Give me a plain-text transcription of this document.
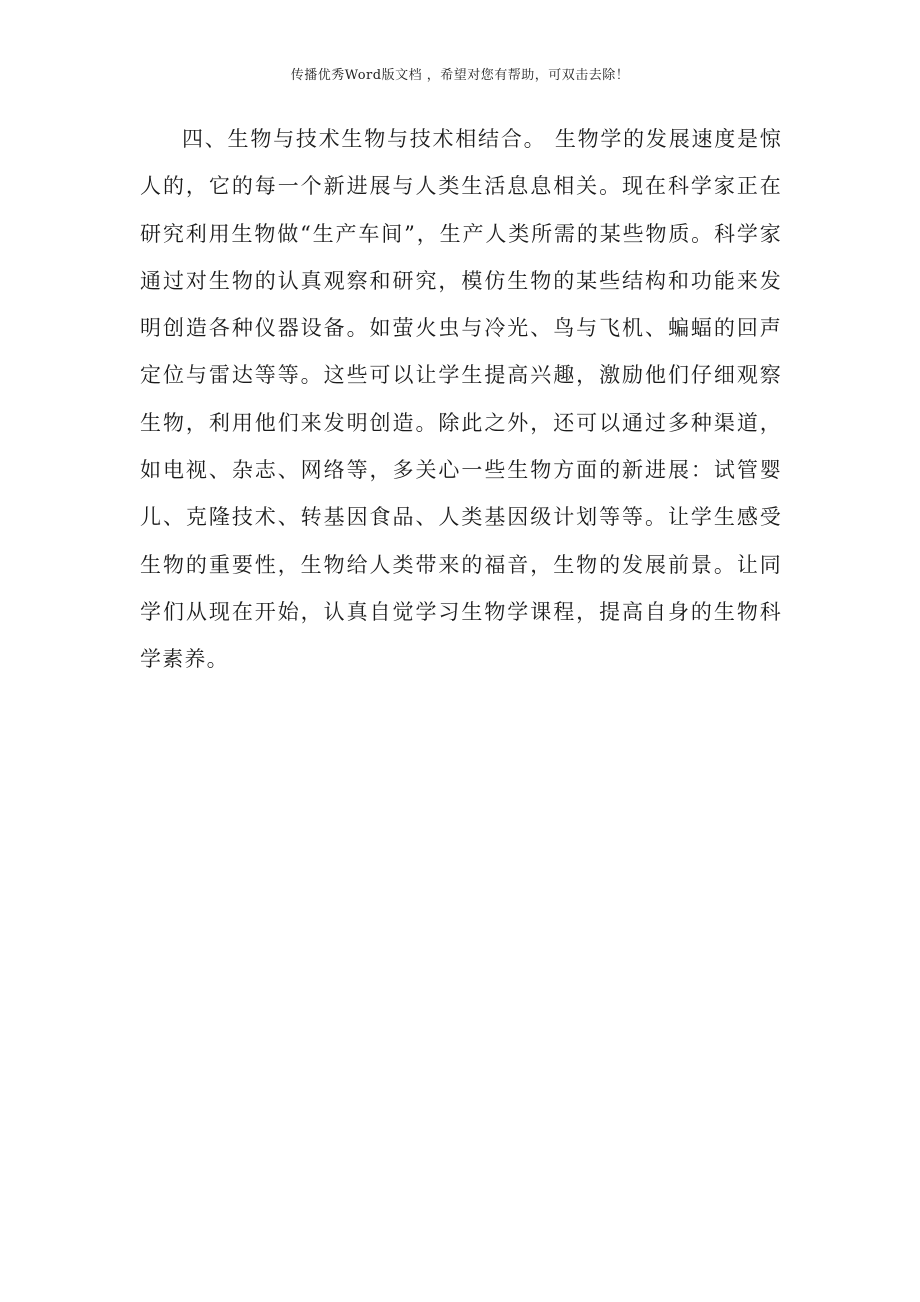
传播优秀Word版文档 ，希望对您有帮助，可双击去除！

四、生物与技术生物与技术相结合。 生物学的发展速度是惊人的，它的每一个新进展与人类生活息息相关。现在科学家正在研究利用生物做“生产车间”，生产人类所需的某些物质。科学家通过对生物的认真观察和研究，模仿生物的某些结构和功能来发明创造各种仪器设备。如萤火虫与冷光、鸟与飞机、蝙蝠的回声定位与雷达等等。这些可以让学生提高兴趣，激励他们仔细观察生物，利用他们来发明创造。除此之外，还可以通过多种渠道，如电视、杂志、网络等，多关心一些生物方面的新进展：试管婴儿、克隆技术、转基因食品、人类基因级计划等等。让学生感受生物的重要性，生物给人类带来的福音，生物的发展前景。让同学们从现在开始，认真自觉学习生物学课程，提高自身的生物科学素养。
